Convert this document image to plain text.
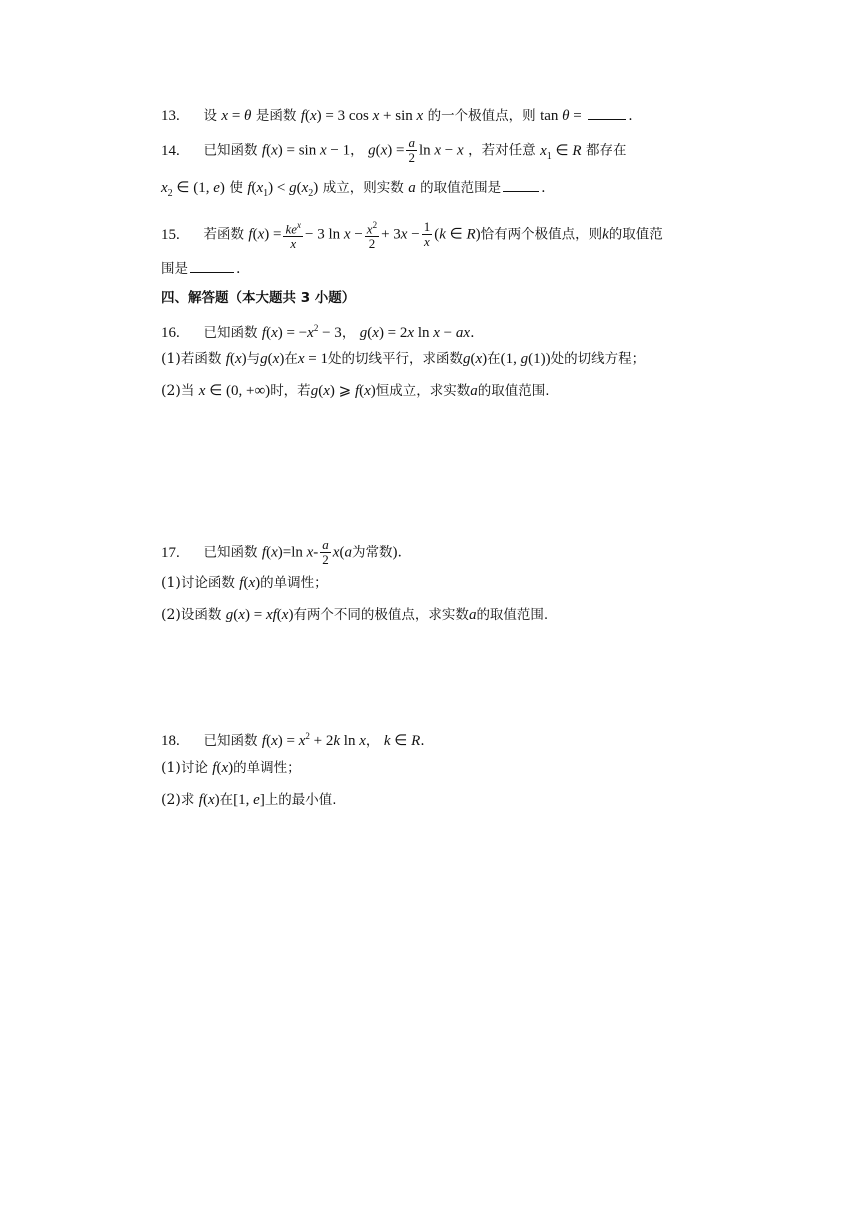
13. 设 x = θ 是函数 f(x) = 3 cos x + sin x 的一个极值点，则 tan θ =	.
14. 已知函数 f(x) = sin x − 1， $g(x) = \frac{a}{2}$ ln x − x ，若对任意 $x_1$ ∈ R 都存在
$x_2$ ∈ (1, e) 使 $f(x_1) < g(x_2)$ 成立，则实数 a 的取值范围是	.
15. 若函数 $f(x) = \frac{ke^x}{x} - 3$ $\ln x - \frac{x^2}{2} + 3x - \frac{1}{x} (k$ ∈ R)恰有两个极值点，则k的取值范
围是	.
四、解答题（本大题共 3 小题）
16. 已知函数 $f(x) = -x^2 - 3$， g(x) = 2x ln x − ax.
(1)若函数 f(x)与g(x)在x = 1处的切线平行，求函数g(x)在(1, g(1))处的切线方程；
(2)当 x ∈ (0, +∞)时，若g(x) ⩾ f(x)恒成立，求实数a的取值范围.
17. 已知函数 f(x)=ln $x- \frac{a}{2} x(a$为常数).
(1)讨论函数 f(x)的单调性；
(2)设函数 g(x) = xf(x)有两个不同的极值点，求实数a的取值范围.
18. 已知函数 $f(x) = x^2 + 2k$ ln x， k ∈ R.
(1)讨论 f(x)的单调性；
(2)求 f(x)在[1, e]上的最小值.
